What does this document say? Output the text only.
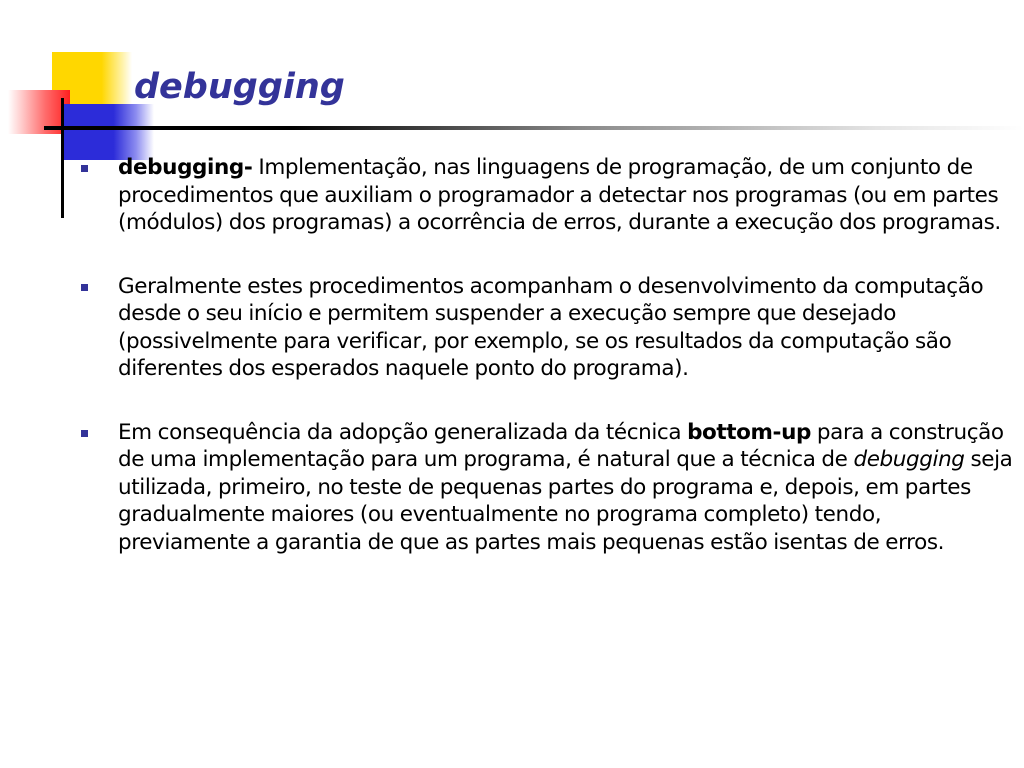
debugging
debugging- Implementação, nas linguagens de programação, de um conjunto de procedimentos que auxiliam o programador a detectar nos programas (ou em partes (módulos) dos programas) a ocorrência de erros, durante a execução dos programas.
Geralmente estes procedimentos acompanham o desenvolvimento da computação desde o seu início e permitem suspender a execução sempre que desejado (possivelmente para verificar, por exemplo, se os resultados da computação são diferentes dos esperados naquele ponto do programa).
Em consequência da adopção generalizada da técnica bottom-up para a construção de uma implementação para um programa, é natural que a técnica de debugging seja utilizada, primeiro, no teste de pequenas partes do programa e, depois, em partes gradualmente maiores (ou eventualmente no programa completo) tendo, previamente a garantia de que as partes mais pequenas estão isentas de erros.
